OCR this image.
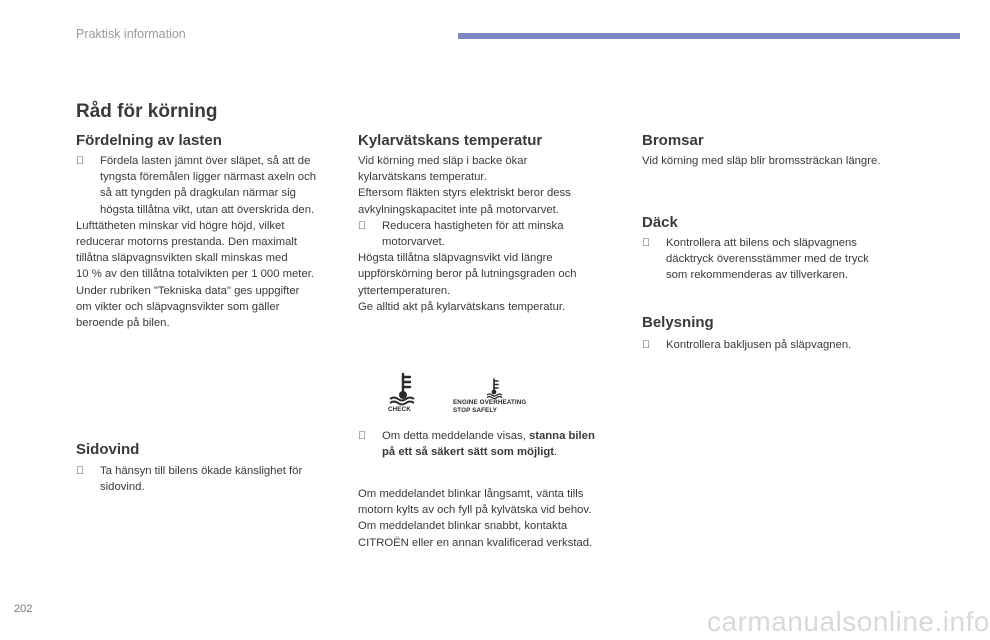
Praktisk information
Råd för körning
Fördelning av lasten

Fördela lasten jämnt över släpet, så att de

tyngsta föremålen ligger närmast axeln och

så att tyngden på dragkulan närmar sig

högsta tillåtna vikt, utan att överskrida den.

Lufttätheten minskar vid högre höjd, vilket

reducerar motorns prestanda. Den maximalt

tillåtna släpvagnsvikten skall minskas med

10 % av den tillåtna totalvikten per 1 000 meter.

Under rubriken "Tekniska data" ges uppgifter

om vikter och släpvagnsvikter som gäller

beroende på bilen.

Sidovind

Ta hänsyn till bilens ökade känslighet för

sidovind.

Kylarvätskans temperatur

Vid körning med släp i backe ökar

kylarvätskans temperatur.

Eftersom fläkten styrs elektriskt beror dess

avkylningskapacitet inte på motorvarvet.

Reducera hastigheten för att minska

motorvarvet.

Högsta tillåtna släpvagnsvikt vid längre

uppförskörning beror på lutningsgraden och

yttertemperaturen.

Ge alltid akt på kylarvätskans temperatur.

CHECK
ENGINE OVERHEATING
STOP SAFELY

Om detta meddelande visas, stanna bilen

på ett så säkert sätt som möjligt.

Om meddelandet blinkar långsamt, vänta tills

motorn kylts av och fyll på kylvätska vid behov.

Om meddelandet blinkar snabbt, kontakta

CITROËN eller en annan kvalificerad verkstad.

Bromsar

Vid körning med släp blir bromssträckan längre.

Däck

Kontrollera att bilens och släpvagnens

däcktryck överensstämmer med de tryck

som rekommenderas av tillverkaren.

Belysning

Kontrollera bakljusen på släpvagnen.

202	carmanualsonline.info
